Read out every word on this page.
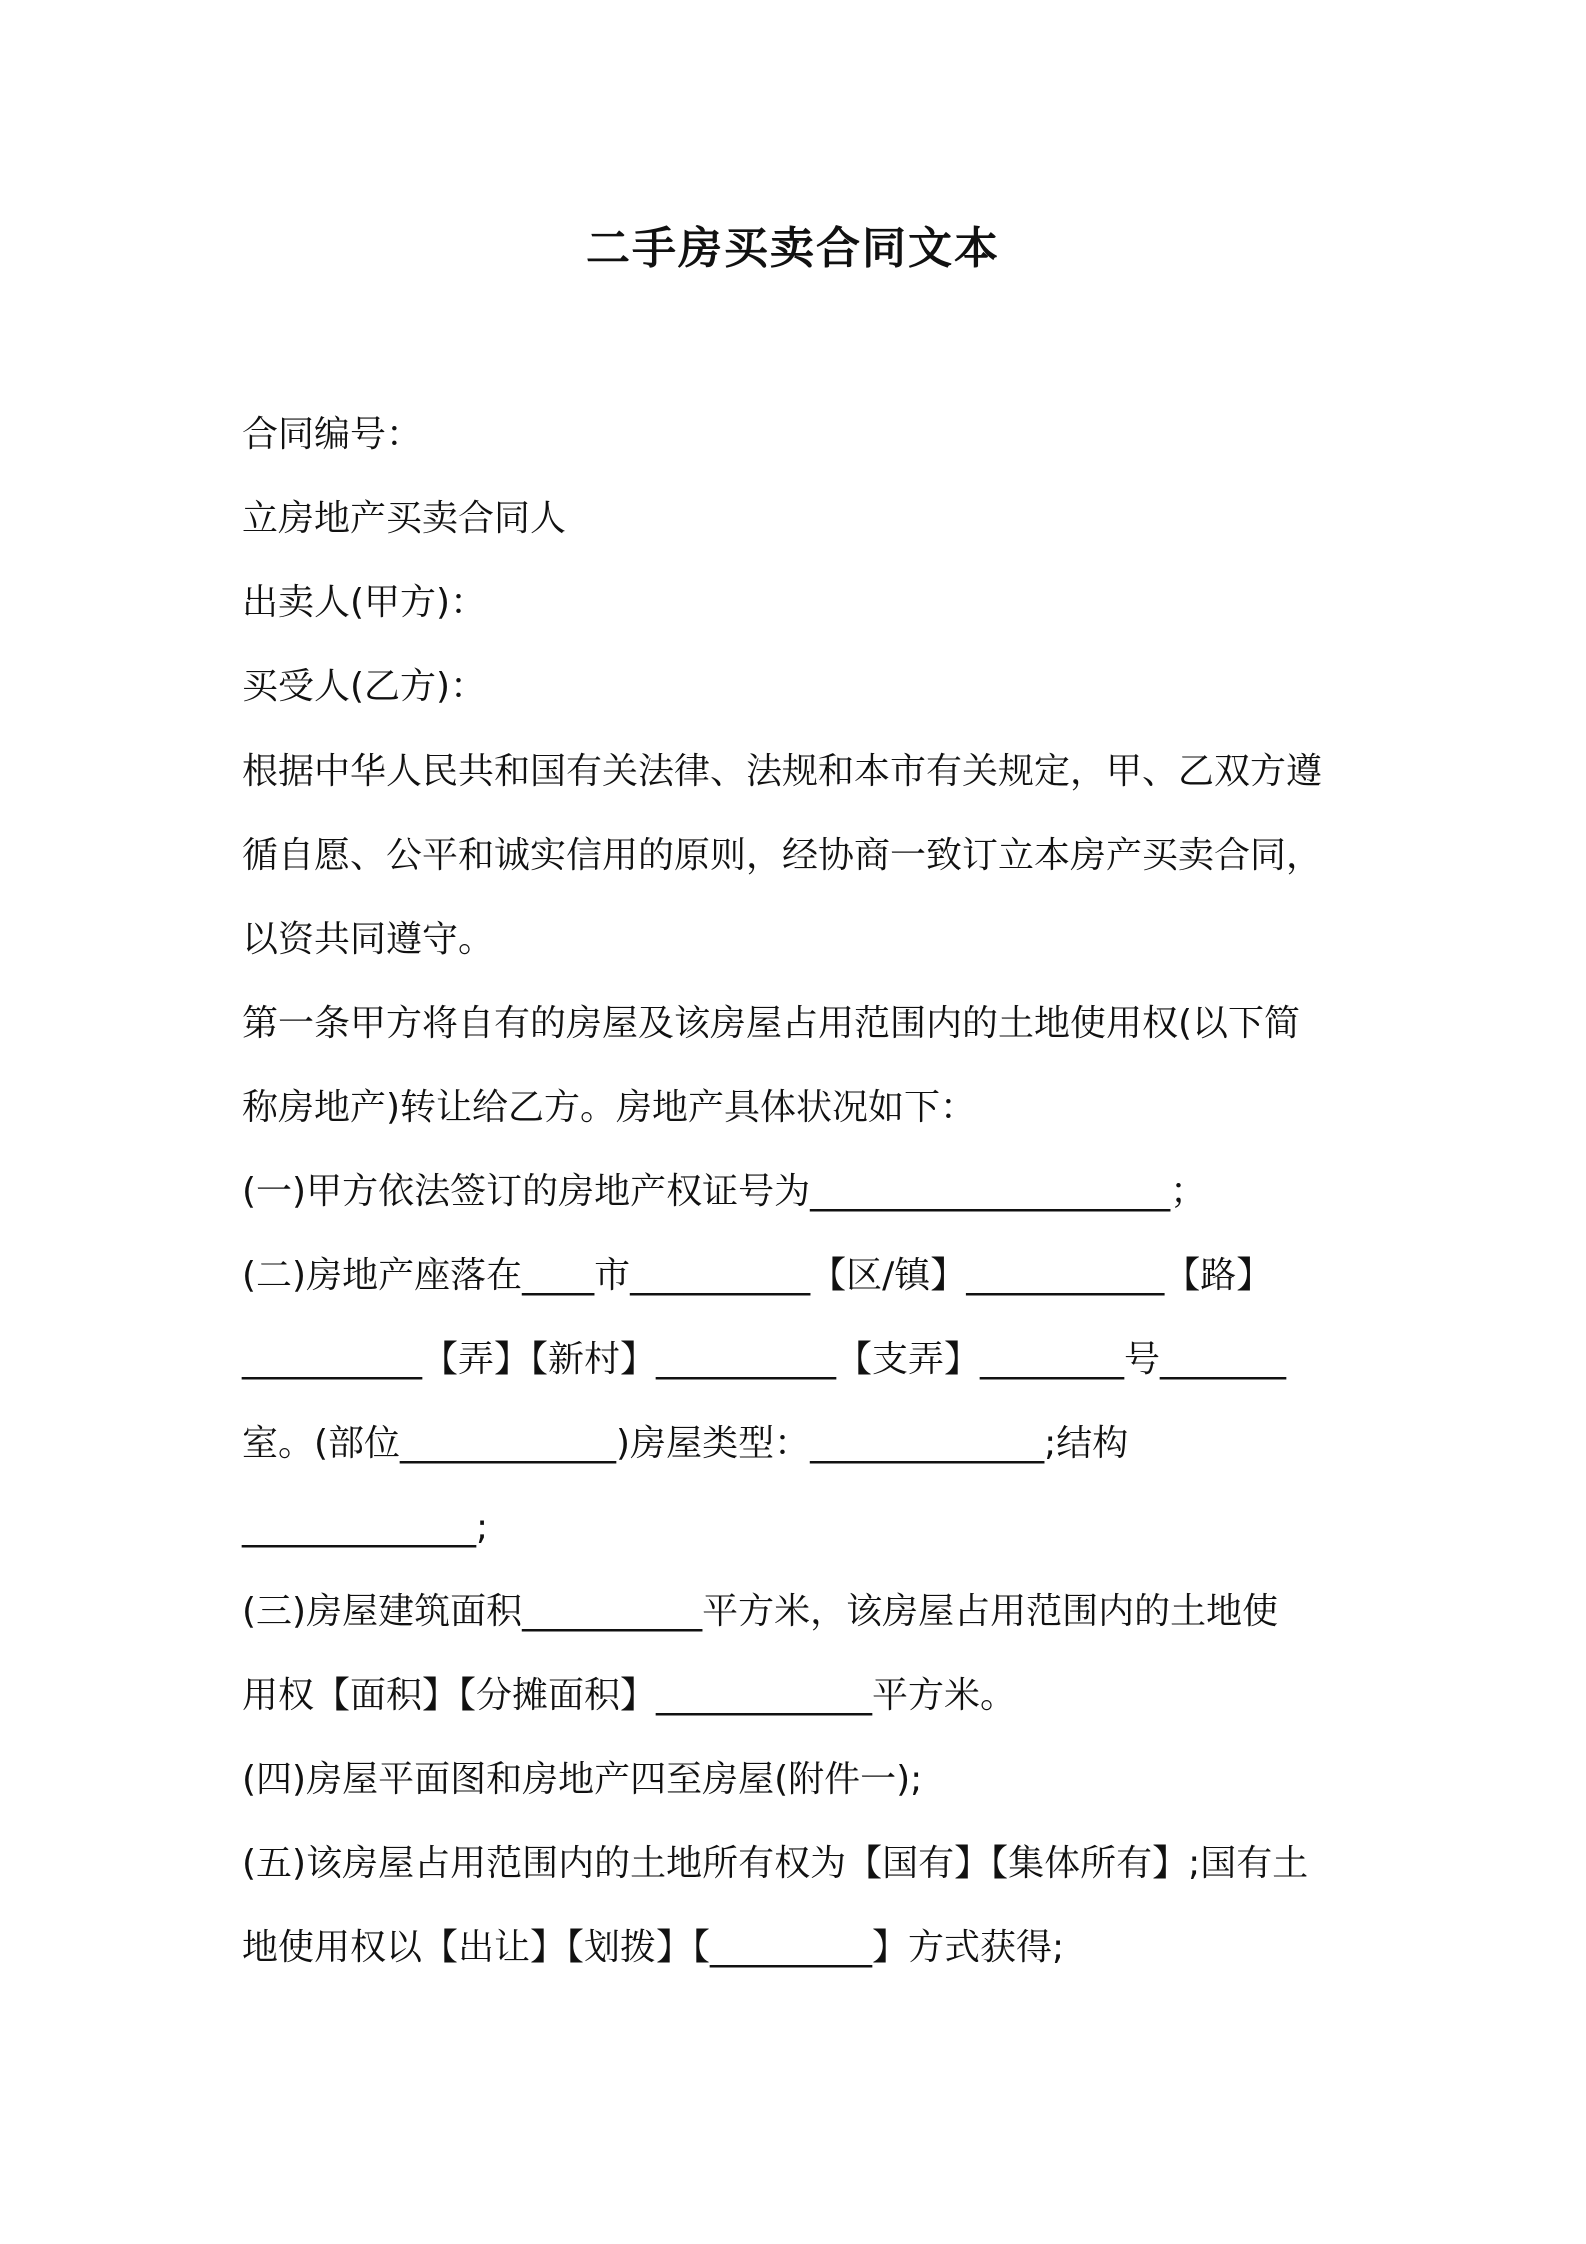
二手房买卖合同文本
合同编号：
立房地产买卖合同人
出卖人(甲方)：
买受人(乙方)：
根据中华人民共和国有关法律、法规和本市有关规定，甲、乙双方遵
循自愿、公平和诚实信用的原则，经协商一致订立本房产买卖合同，
以资共同遵守。
第一条甲方将自有的房屋及该房屋占用范围内的土地使用权(以下简
称房地产)转让给乙方。房地产具体状况如下：
(一)甲方依法签订的房地产权证号为____________________；
(二)房地产座落在____市__________【区/镇】___________【路】
__________【弄】【新村】__________【支弄】________号_______
室。(部位____________)房屋类型：_____________;结构
_____________;
(三)房屋建筑面积__________平方米，该房屋占用范围内的土地使
用权【面积】【分摊面积】____________平方米。
(四)房屋平面图和房地产四至房屋(附件一);
(五)该房屋占用范围内的土地所有权为【国有】【集体所有】;国有土
地使用权以【出让】【划拨】【_________】方式获得;
